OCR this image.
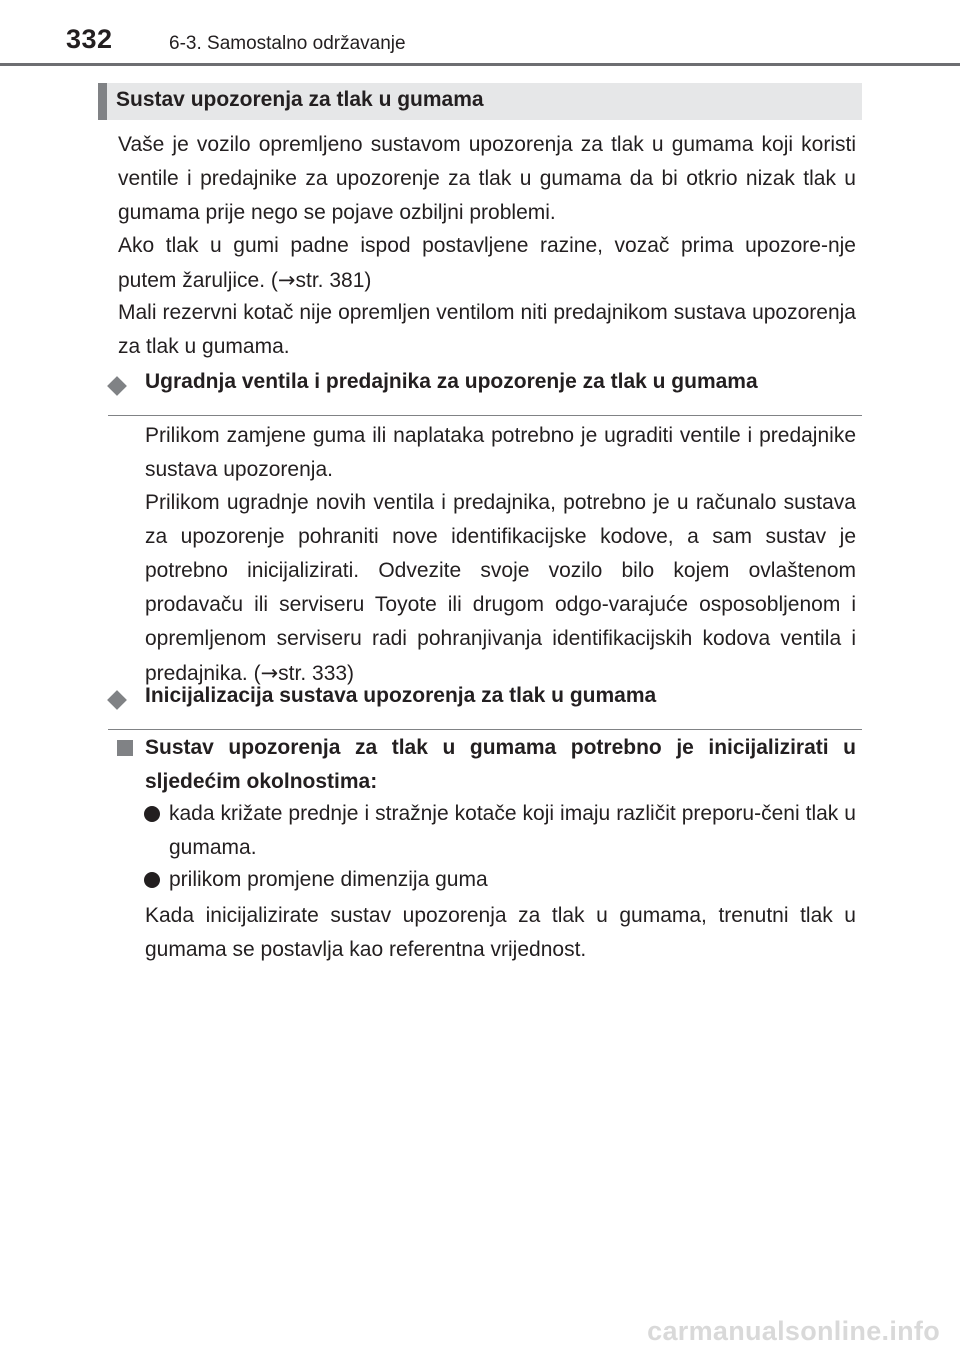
332	6-3. Samostalno održavanje
Sustav upozorenja za tlak u gumama

Vaše je vozilo opremljeno sustavom upozorenja za tlak u gumama koji koristi ventile i predajnike za upozorenje za tlak u gumama da bi otkrio nizak tlak u gumama prije nego se pojave ozbiljni problemi.

Ako tlak u gumi padne ispod postavljene razine, vozač prima upozore-nje putem žaruljice. (→str. 381)

Mali rezervni kotač nije opremljen ventilom niti predajnikom sustava upozorenja za tlak u gumama.

Ugradnja ventila i predajnika za upozorenje za tlak u gumama

Prilikom zamjene guma ili naplataka potrebno je ugraditi ventile i predajnike sustava upozorenja.

Prilikom ugradnje novih ventila i predajnika, potrebno je u računalo sustava za upozorenje pohraniti nove identifikacijske kodove, a sam sustav je potrebno inicijalizirati. Odvezite svoje vozilo bilo kojem ovlaštenom prodavaču ili serviseru Toyote ili drugom odgo-varajuće osposobljenom i opremljenom serviseru radi pohranjivanja identifikacijskih kodova ventila i predajnika. (→str. 333)

Inicijalizacija sustava upozorenja za tlak u gumama
Sustav upozorenja za tlak u gumama potrebno je inicijalizirati u sljedećim okolnostima:
kada križate prednje i stražnje kotače koji imaju različit preporu-čeni tlak u gumama.
prilikom promjene dimenzija guma

Kada inicijalizirate sustav upozorenja za tlak u gumama, trenutni tlak u gumama se postavlja kao referentna vrijednost.

carmanualsonline.info
